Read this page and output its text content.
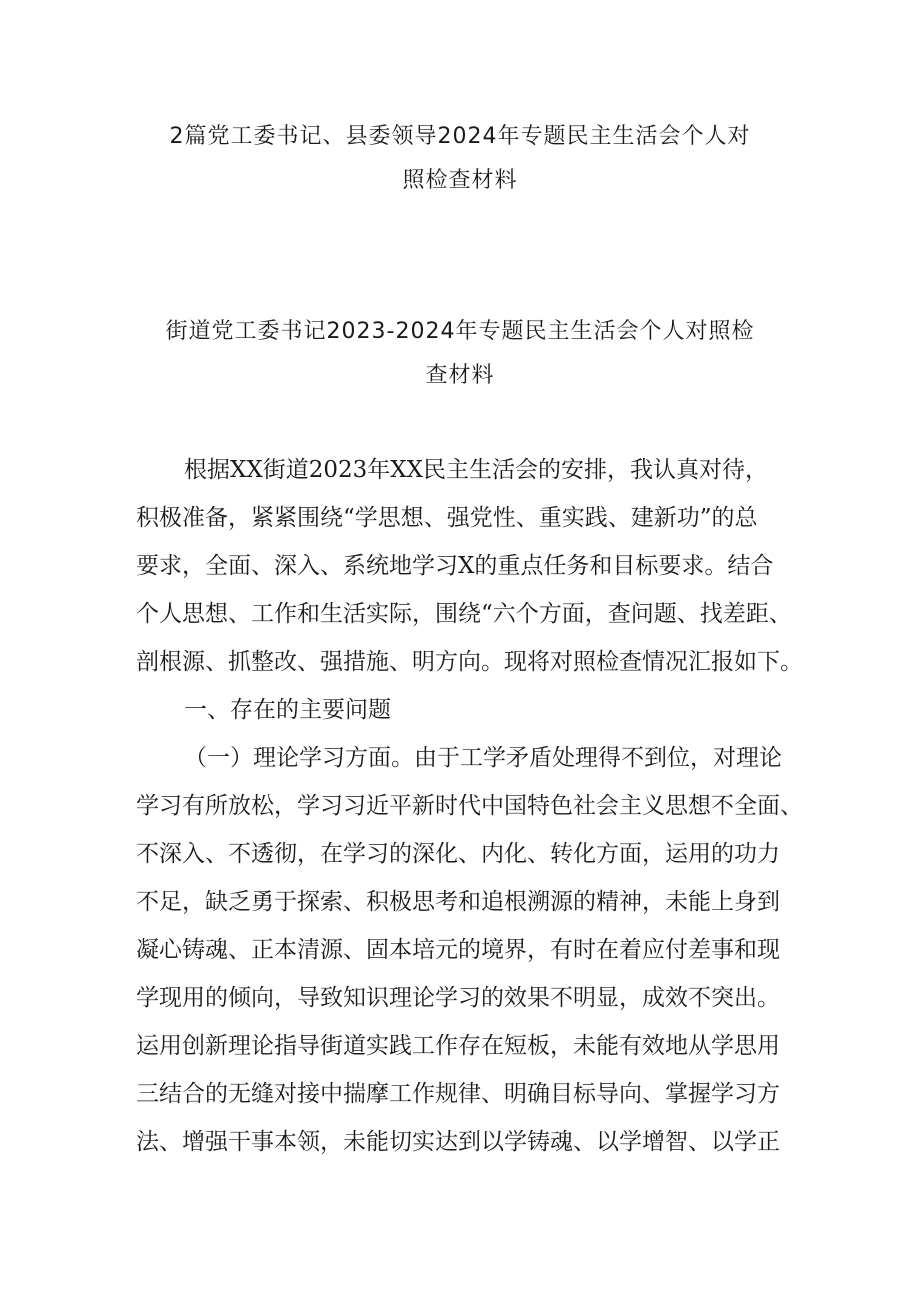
2篇党工委书记、县委领导2024年专题民主生活会个人对
照检查材料
街道党工委书记2023-2024年专题民主生活会个人对照检
查材料
根据XX街道2023年XX民主生活会的安排，我认真对待，
积极准备，紧紧围绕“学思想、强党性、重实践、建新功”的总
要求，全面、深入、系统地学习X的重点任务和目标要求。结合
个人思想、工作和生活实际，围绕“六个方面，查问题、找差距、
剖根源、抓整改、强措施、明方向。现将对照检查情况汇报如下。
一、存在的主要问题
（一）理论学习方面。由于工学矛盾处理得不到位，对理论
学习有所放松，学习习近平新时代中国特色社会主义思想不全面、
不深入、不透彻，在学习的深化、内化、转化方面，运用的功力
不足，缺乏勇于探索、积极思考和追根溯源的精神，未能上身到
凝心铸魂、正本清源、固本培元的境界，有时在着应付差事和现
学现用的倾向，导致知识理论学习的效果不明显，成效不突出。
运用创新理论指导街道实践工作存在短板，未能有效地从学思用
三结合的无缝对接中揣摩工作规律、明确目标导向、掌握学习方
法、增强干事本领，未能切实达到以学铸魂、以学增智、以学正
